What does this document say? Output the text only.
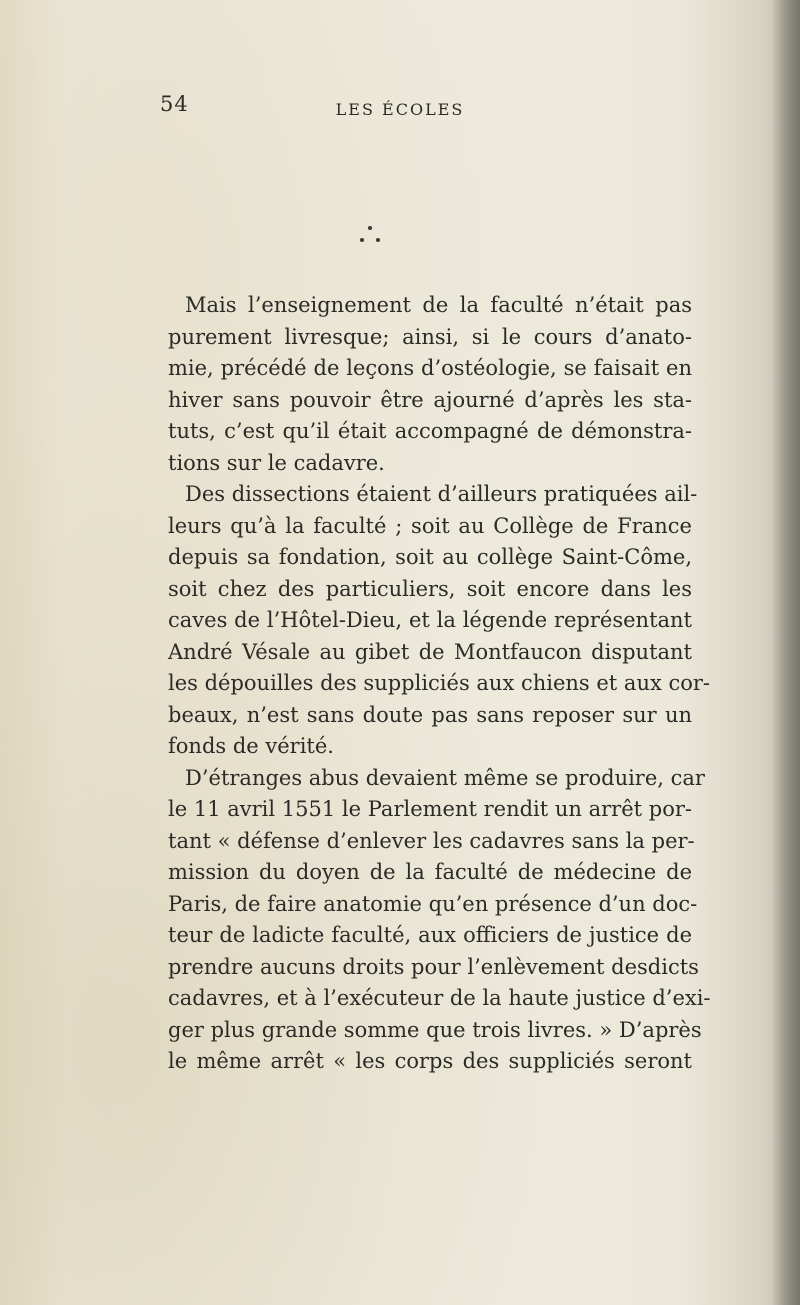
54	LES ÉCOLES
Mais l’enseignement de la faculté n’était pas
purement livresque; ainsi, si le cours d’anato-
mie, précédé de leçons d’ostéologie, se faisait en
hiver sans pouvoir être ajourné d’après les sta-
tuts, c’est qu’il était accompagné de démonstra-
tions sur le cadavre.
Des dissections étaient d’ailleurs pratiquées ail-
leurs qu’à la faculté ; soit au Collège de France
depuis sa fondation, soit au collège Saint-Côme,
soit chez des particuliers, soit encore dans les
caves de l’Hôtel-Dieu, et la légende représentant
André Vésale au gibet de Montfaucon disputant
les dépouilles des suppliciés aux chiens et aux cor-
beaux, n’est sans doute pas sans reposer sur un
fonds de vérité.
D’étranges abus devaient même se produire, car
le 11 avril 1551 le Parlement rendit un arrêt por-
tant « défense d’enlever les cadavres sans la per-
mission du doyen de la faculté de médecine de
Paris, de faire anatomie qu’en présence d’un doc-
teur de ladicte faculté, aux officiers de justice de
prendre aucuns droits pour l’enlèvement desdicts
cadavres, et à l’exécuteur de la haute justice d’exi-
ger plus grande somme que trois livres. » D’après
le même arrêt « les corps des suppliciés seront
